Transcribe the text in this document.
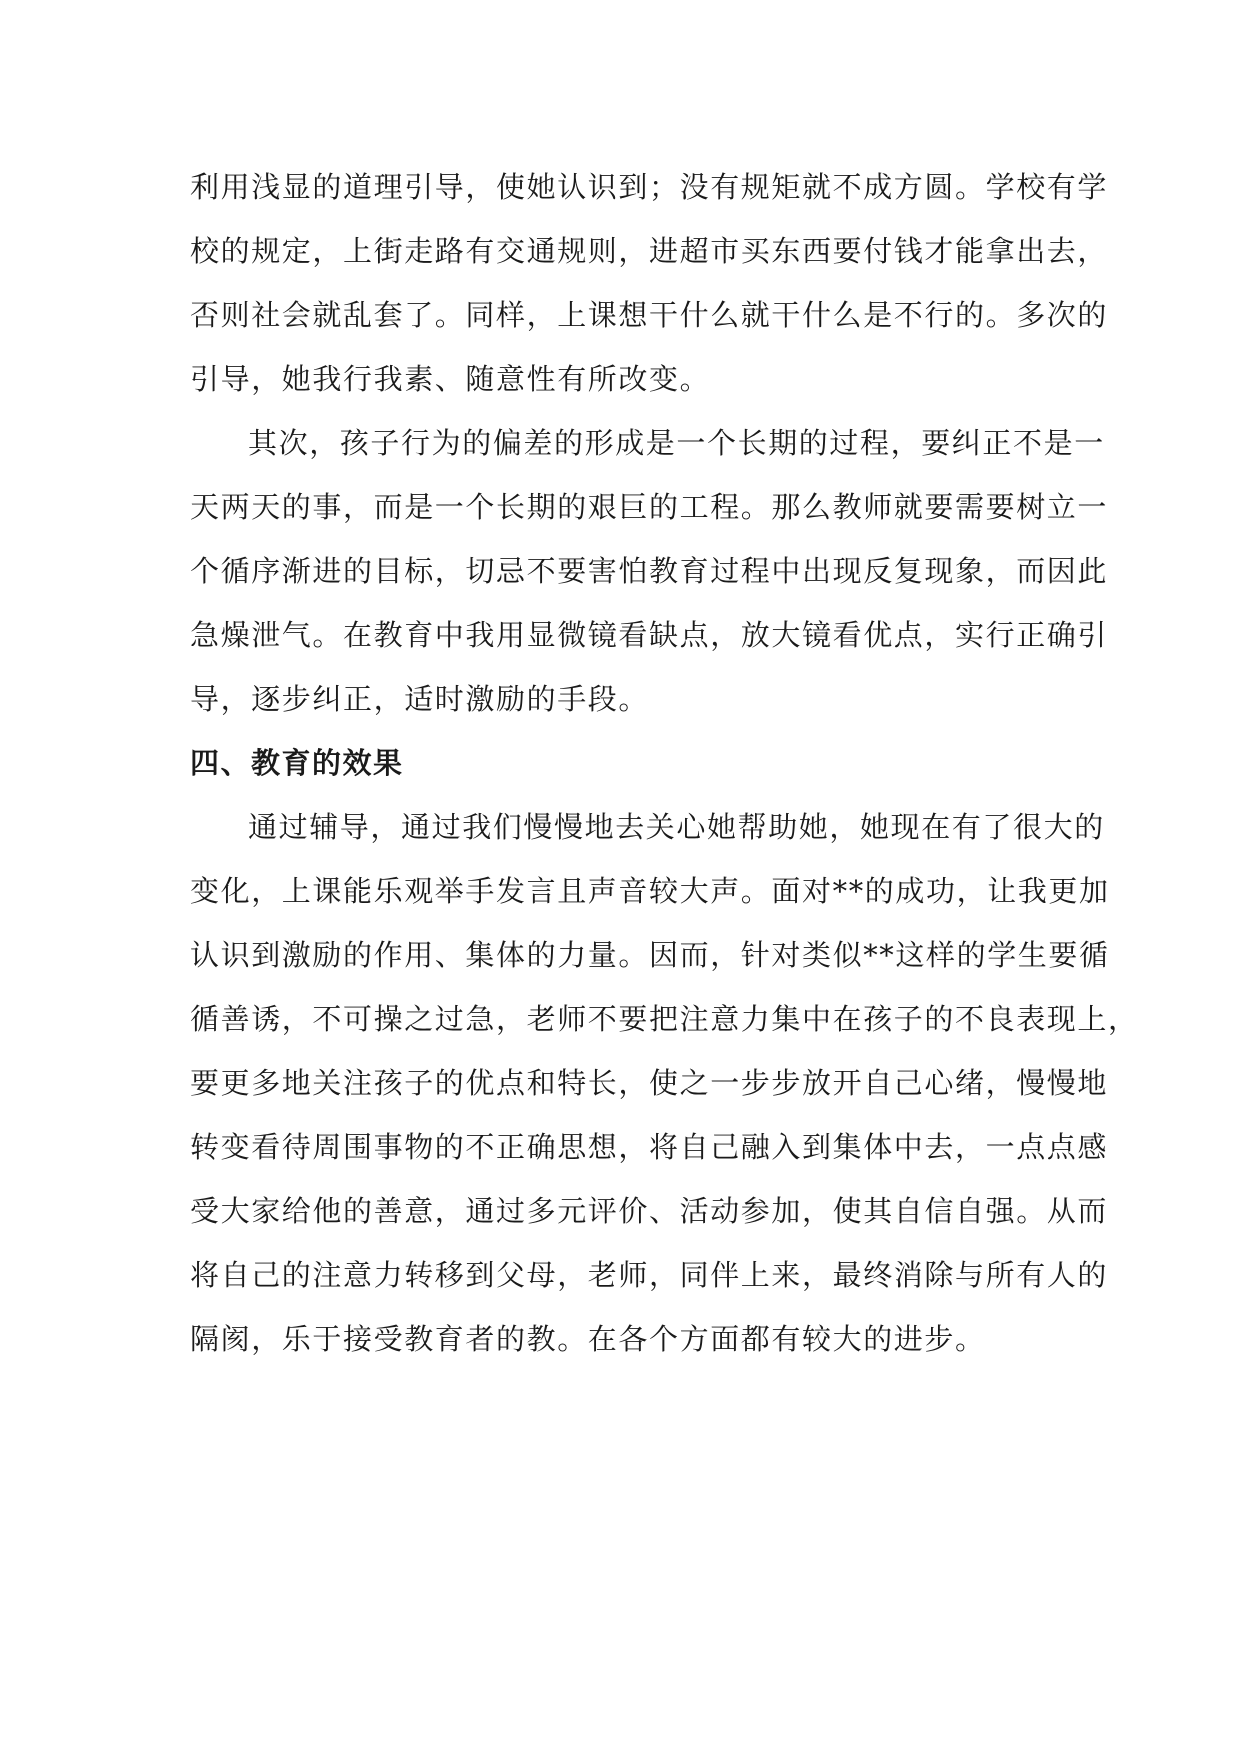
利用浅显的道理引导，使她认识到；没有规矩就不成方圆。学校有学
校的规定，上街走路有交通规则，进超市买东西要付钱才能拿出去，
否则社会就乱套了。同样，上课想干什么就干什么是不行的。多次的
引导，她我行我素、随意性有所改变。
其次，孩子行为的偏差的形成是一个长期的过程，要纠正不是一
天两天的事，而是一个长期的艰巨的工程。那么教师就要需要树立一
个循序渐进的目标，切忌不要害怕教育过程中出现反复现象，而因此
急燥泄气。在教育中我用显微镜看缺点，放大镜看优点，实行正确引
导，逐步纠正，适时激励的手段。
四、教育的效果
通过辅导，通过我们慢慢地去关心她帮助她，她现在有了很大的
变化，上课能乐观举手发言且声音较大声。面对**的成功，让我更加
认识到激励的作用、集体的力量。因而，针对类似**这样的学生要循
循善诱，不可操之过急，老师不要把注意力集中在孩子的不良表现上，
要更多地关注孩子的优点和特长，使之一步步放开自己心绪，慢慢地
转变看待周围事物的不正确思想，将自己融入到集体中去，一点点感
受大家给他的善意，通过多元评价、活动参加，使其自信自强。从而
将自己的注意力转移到父母，老师，同伴上来，最终消除与所有人的
隔阂，乐于接受教育者的教。在各个方面都有较大的进步。
